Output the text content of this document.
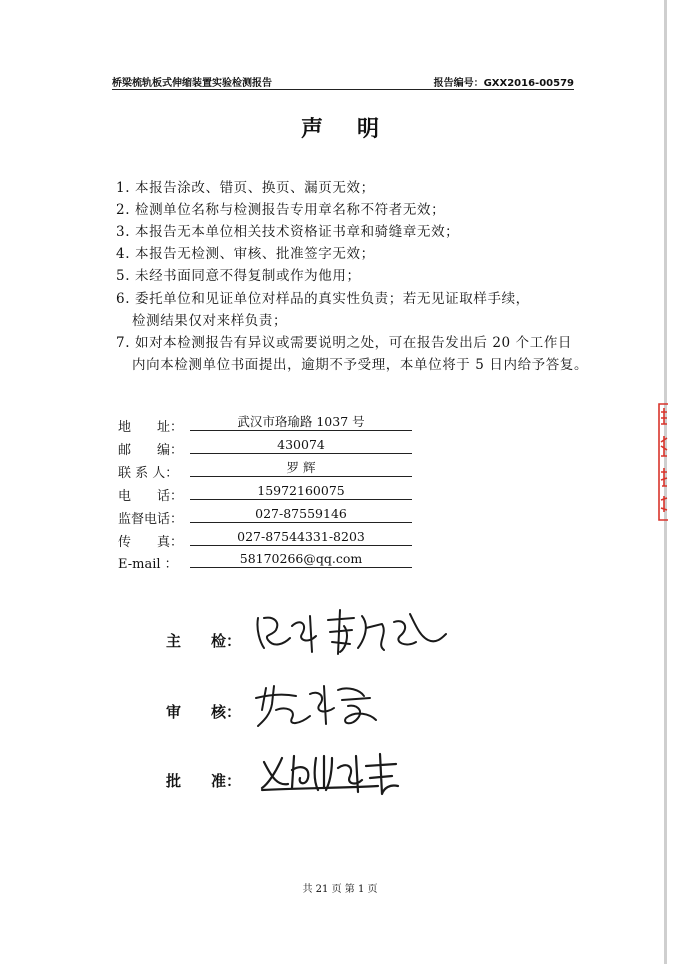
桥梁梳轨板式伸缩装置实验检测报告	报告编号：GXX2016-00579
声明
1. 本报告涂改、错页、换页、漏页无效；
2. 检测单位名称与检测报告专用章名称不符者无效；
3. 本报告无本单位相关技术资格证书章和骑缝章无效；
4. 本报告无检测、审核、批准签字无效；
5. 未经书面同意不得复制或作为他用；
6. 委托单位和见证单位对样品的真实性负责；若无见证取样手续，
检测结果仅对来样负责；
7. 如对本检测报告有异议或需要说明之处，可在报告发出后 20 个工作日
内向本检测单位书面提出，逾期不予受理，本单位将于 5 日内给予答复。
地　　址：	武汉市珞瑜路 1037 号
邮　　编：	430074
联 系 人：	罗 辉
电　　话：	15972160075
监督电话：	027-87559146
传　　真：	027-87544331-8203
E-mail ：	58170266@qq.com
主　　检：
审　　核：
批　　准：
共 21 页 第 1 页
